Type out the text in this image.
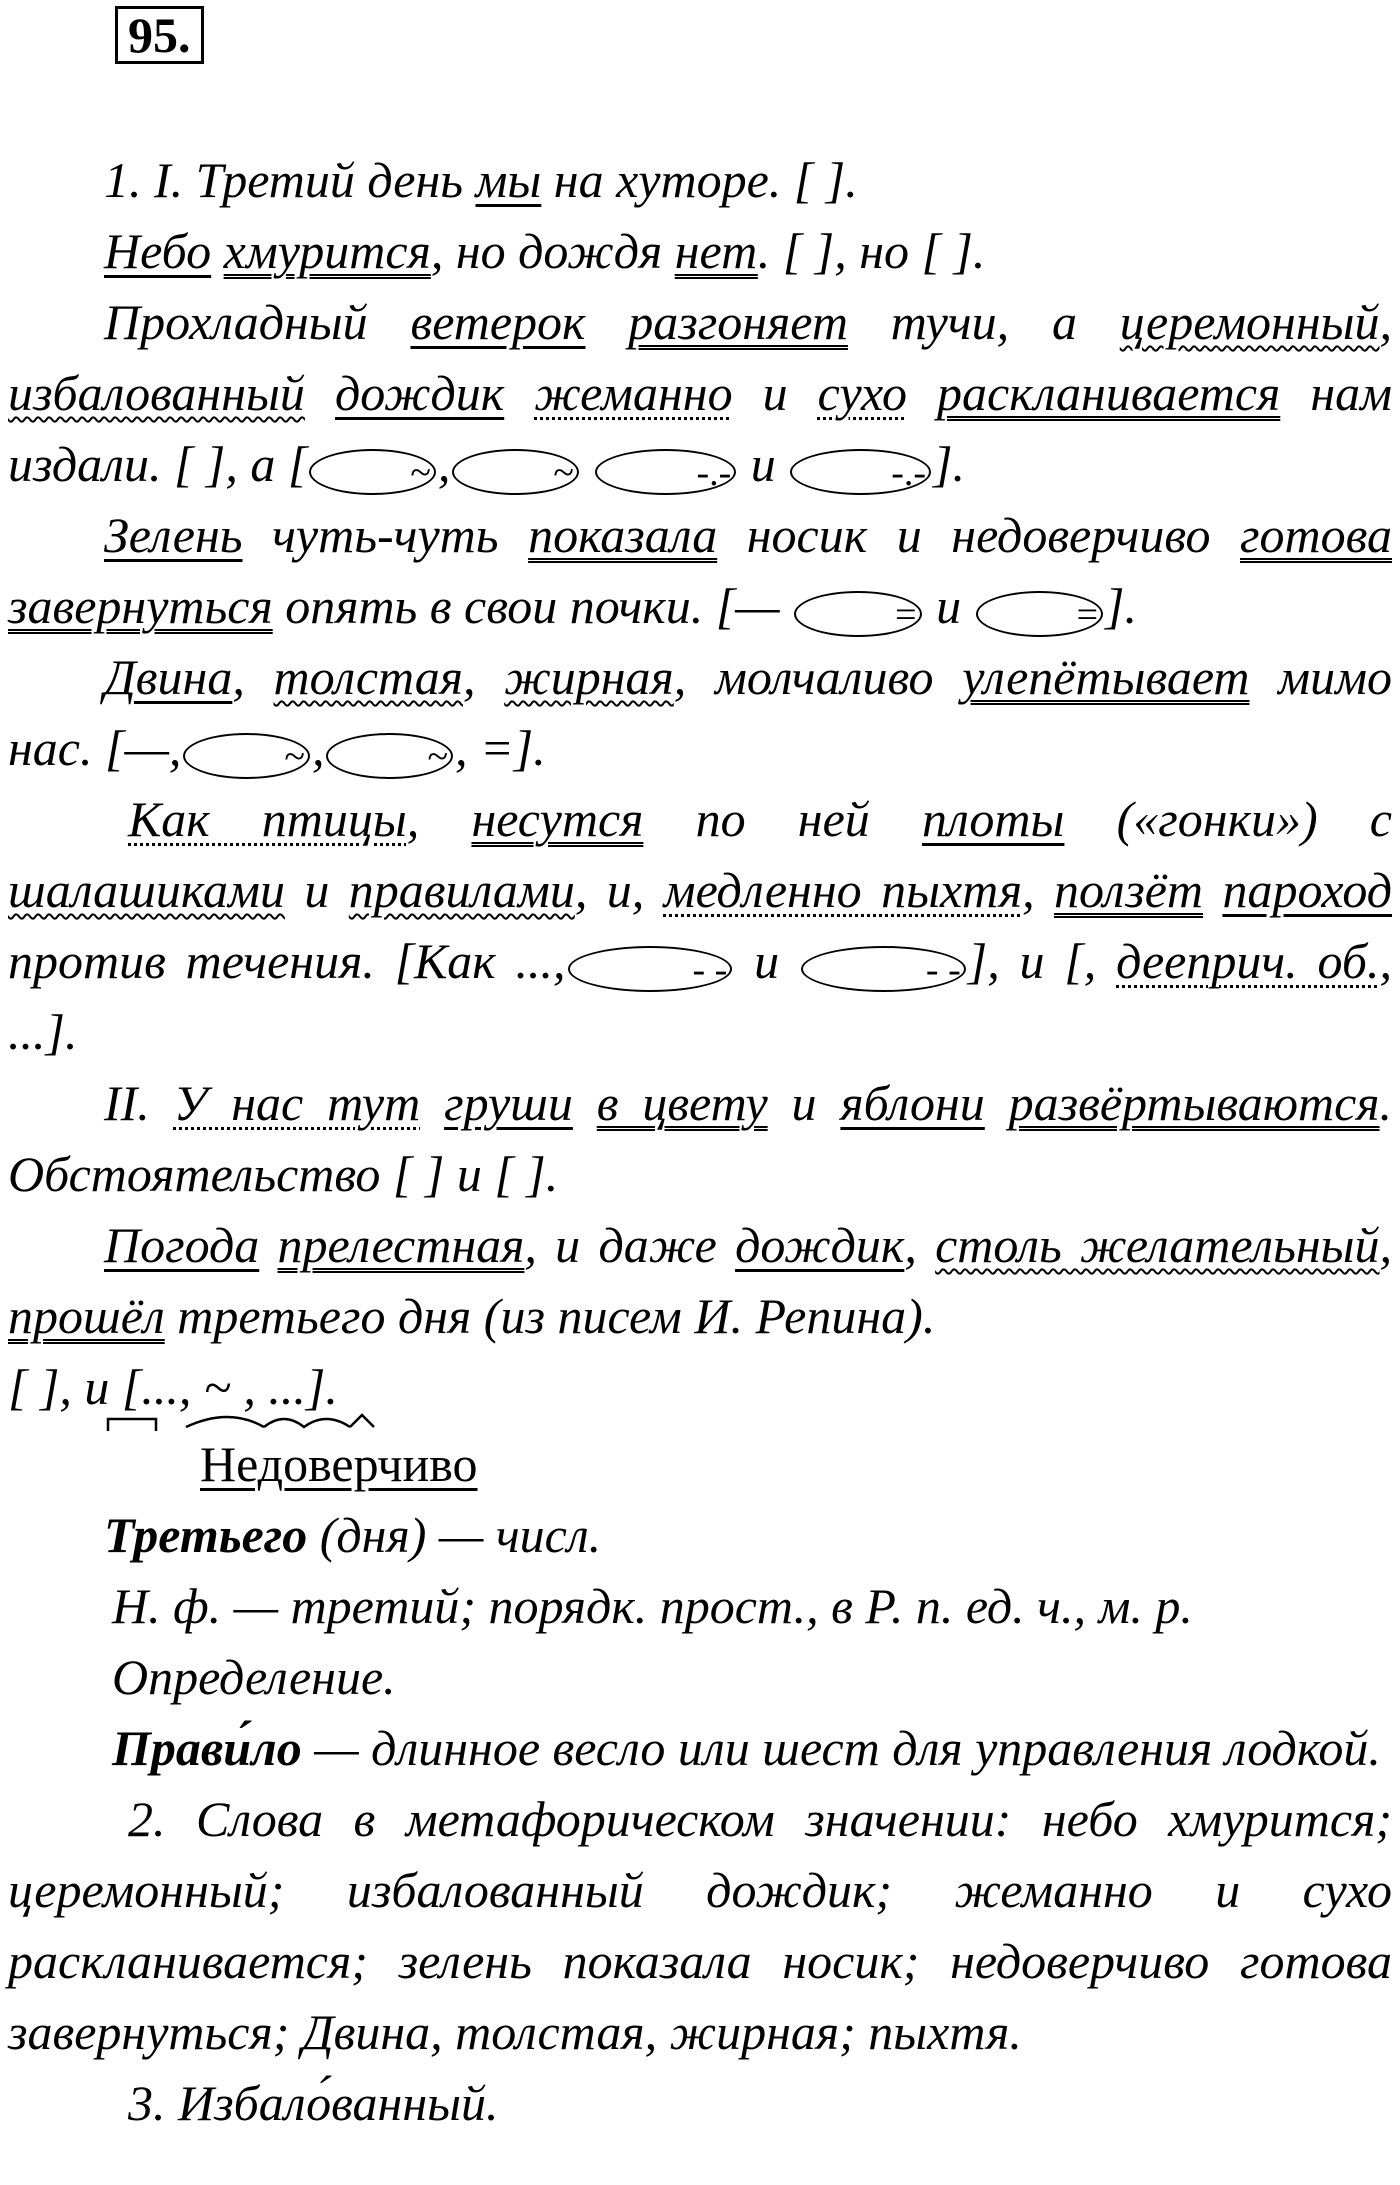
95.

1. I. Третий день мы на хуторе. [ ].

Небо хмурится, но дождя нет. [ ], но [ ].

Прохладный ветерок разгоняет тучи, а церемонный, избалованный дождик жеманно и сухо раскланивается нам издали. [ ], а [	~ ,	~	-.- и	-.- ].

Зелень чуть-чуть показала носик и недоверчиво готова завернуться опять в свои почки. [—	= и	= ].

Двина, толстая, жирная, молчаливо улепётывает мимо нас. [—,	~ ,	~ , =].

Как птицы, несутся по ней плоты («гонки») с шалашиками и правилами, и, медленно пыхтя, ползёт пароход против течения. [Как ...,	- - и	- - ], и [, дееприч. об., ...].

II. У нас тут груши в цвету и яблони развёртываются. Обстоятельство [ ] и [ ].

Погода прелестная, и даже дождик, столь желательный, прошёл третьего дня (из писем И. Репина).

[ ], и [..., ~ , ...].

Недоверчиво

Третьего (дня) — числ.

Н. ф. — третий; порядк. прост., в Р. п. ед. ч., м. р.

Определение.

Прави́ло — длинное весло или шест для управления лодкой.

2. Слова в метафорическом значении: небо хмурится; церемонный; избалованный дождик; жеманно и сухо раскланивается; зелень показала носик; недоверчиво готова завернуться; Двина, толстая, жирная; пыхтя.

3. Избало́ванный.
